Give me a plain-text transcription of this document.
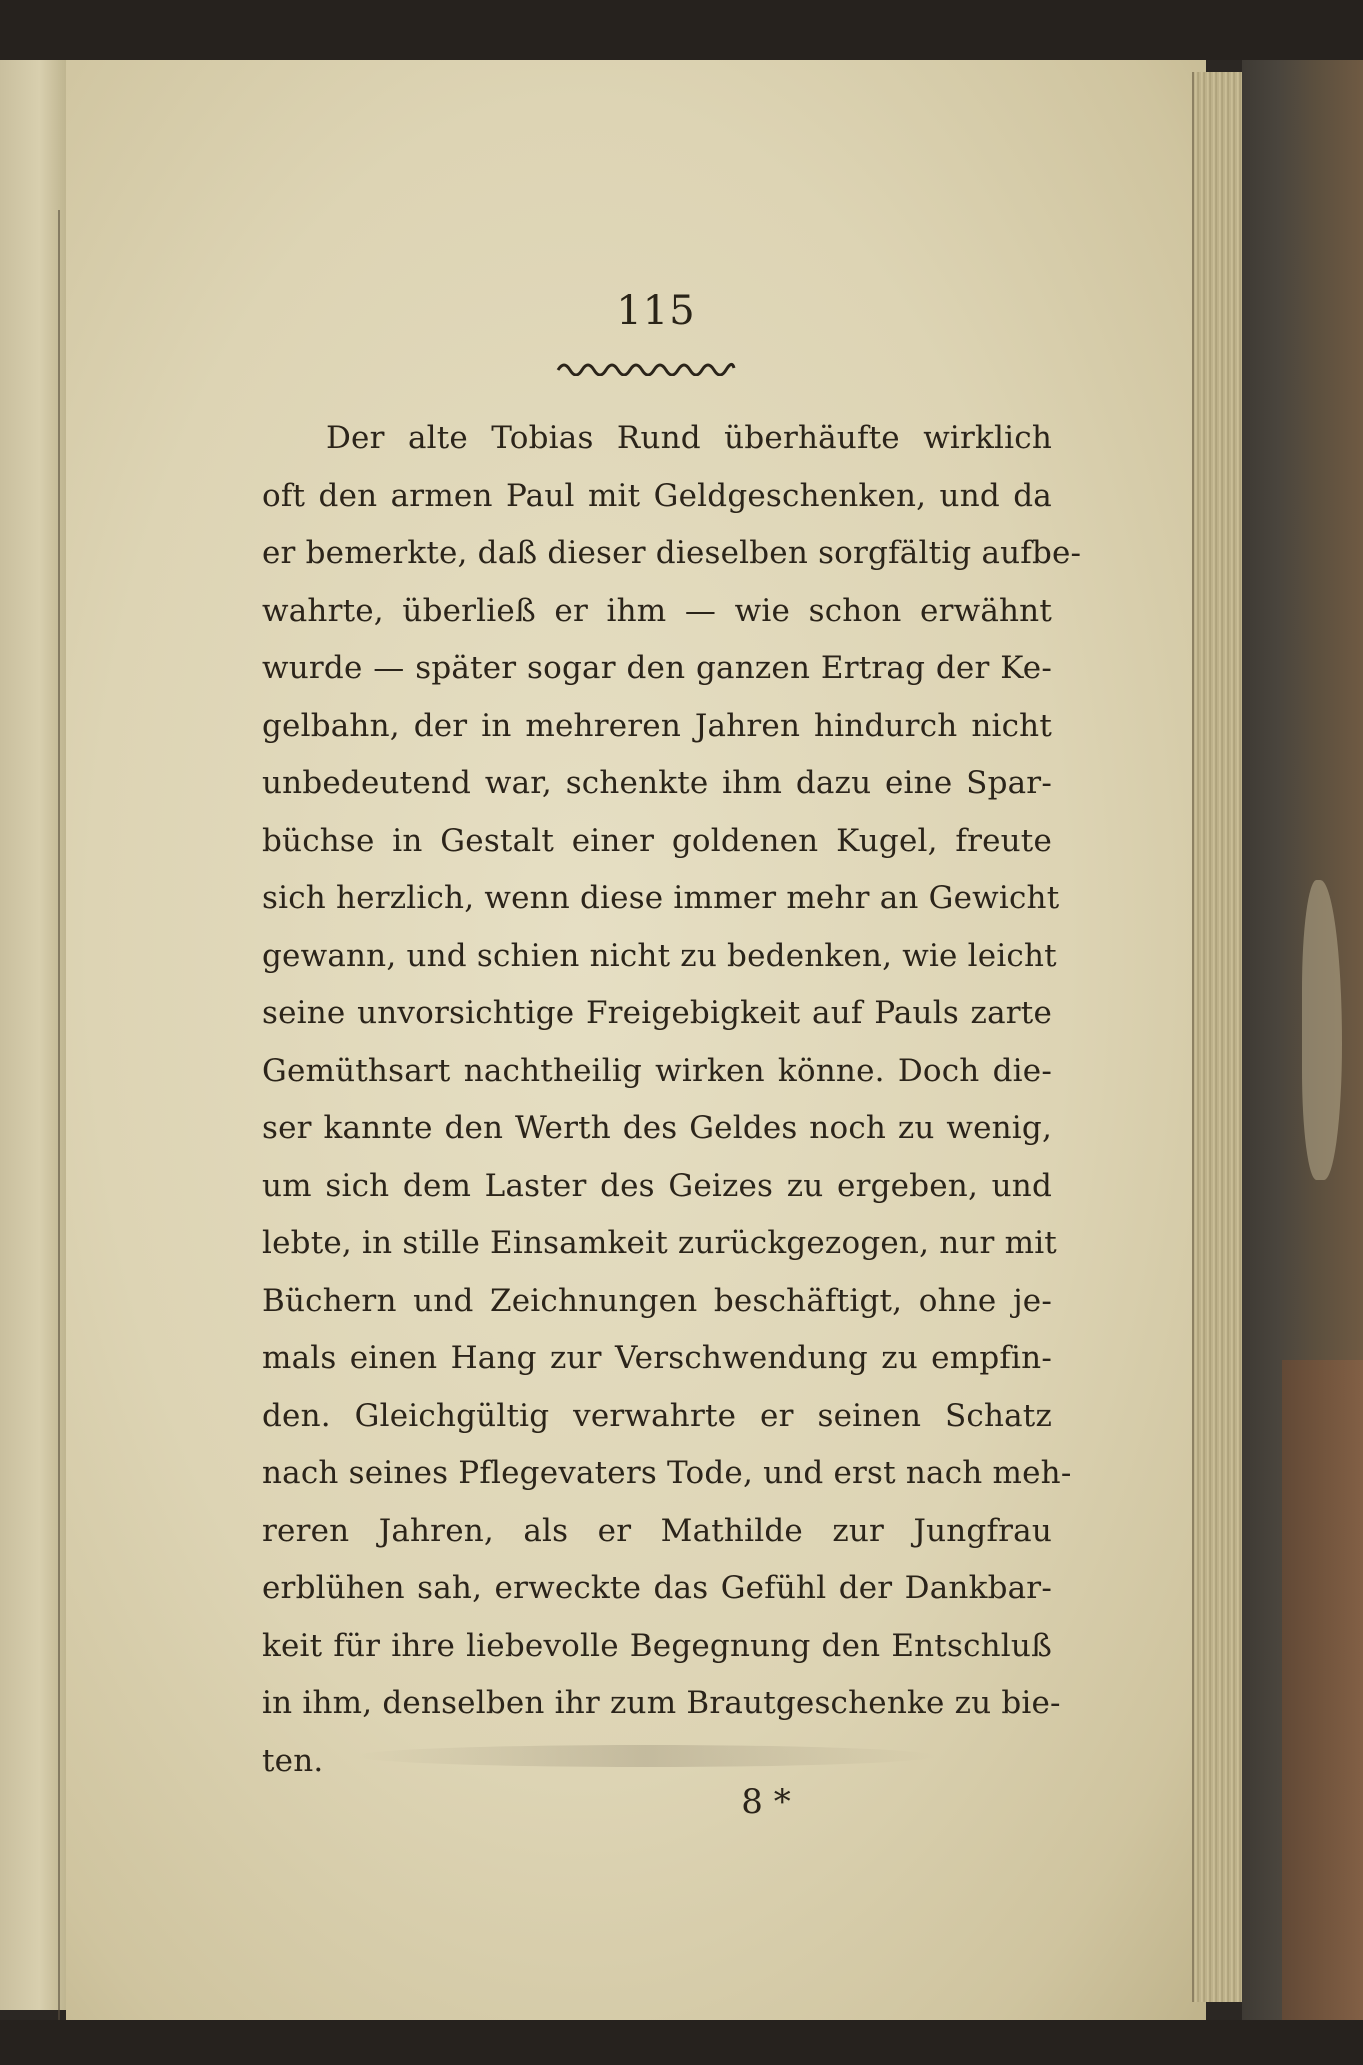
115
Der alte Tobias Rund überhäufte wirklich
oft den armen Paul mit Geldgeschenken, und da
er bemerkte, daß dieser dieselben sorgfältig aufbe-
wahrte, überließ er ihm — wie schon erwähnt
wurde — später sogar den ganzen Ertrag der Ke-
gelbahn, der in mehreren Jahren hindurch nicht
unbedeutend war, schenkte ihm dazu eine Spar-
büchse in Gestalt einer goldenen Kugel, freute
sich herzlich, wenn diese immer mehr an Gewicht
gewann, und schien nicht zu bedenken, wie leicht
seine unvorsichtige Freigebigkeit auf Pauls zarte
Gemüthsart nachtheilig wirken könne. Doch die-
ser kannte den Werth des Geldes noch zu wenig,
um sich dem Laster des Geizes zu ergeben, und
lebte, in stille Einsamkeit zurückgezogen, nur mit
Büchern und Zeichnungen beschäftigt, ohne je-
mals einen Hang zur Verschwendung zu empfin-
den. Gleichgültig verwahrte er seinen Schatz
nach seines Pflegevaters Tode, und erst nach meh-
reren Jahren, als er Mathilde zur Jungfrau
erblühen sah, erweckte das Gefühl der Dankbar-
keit für ihre liebevolle Begegnung den Entschluß
in ihm, denselben ihr zum Brautgeschenke zu bie-
ten.
8 *
